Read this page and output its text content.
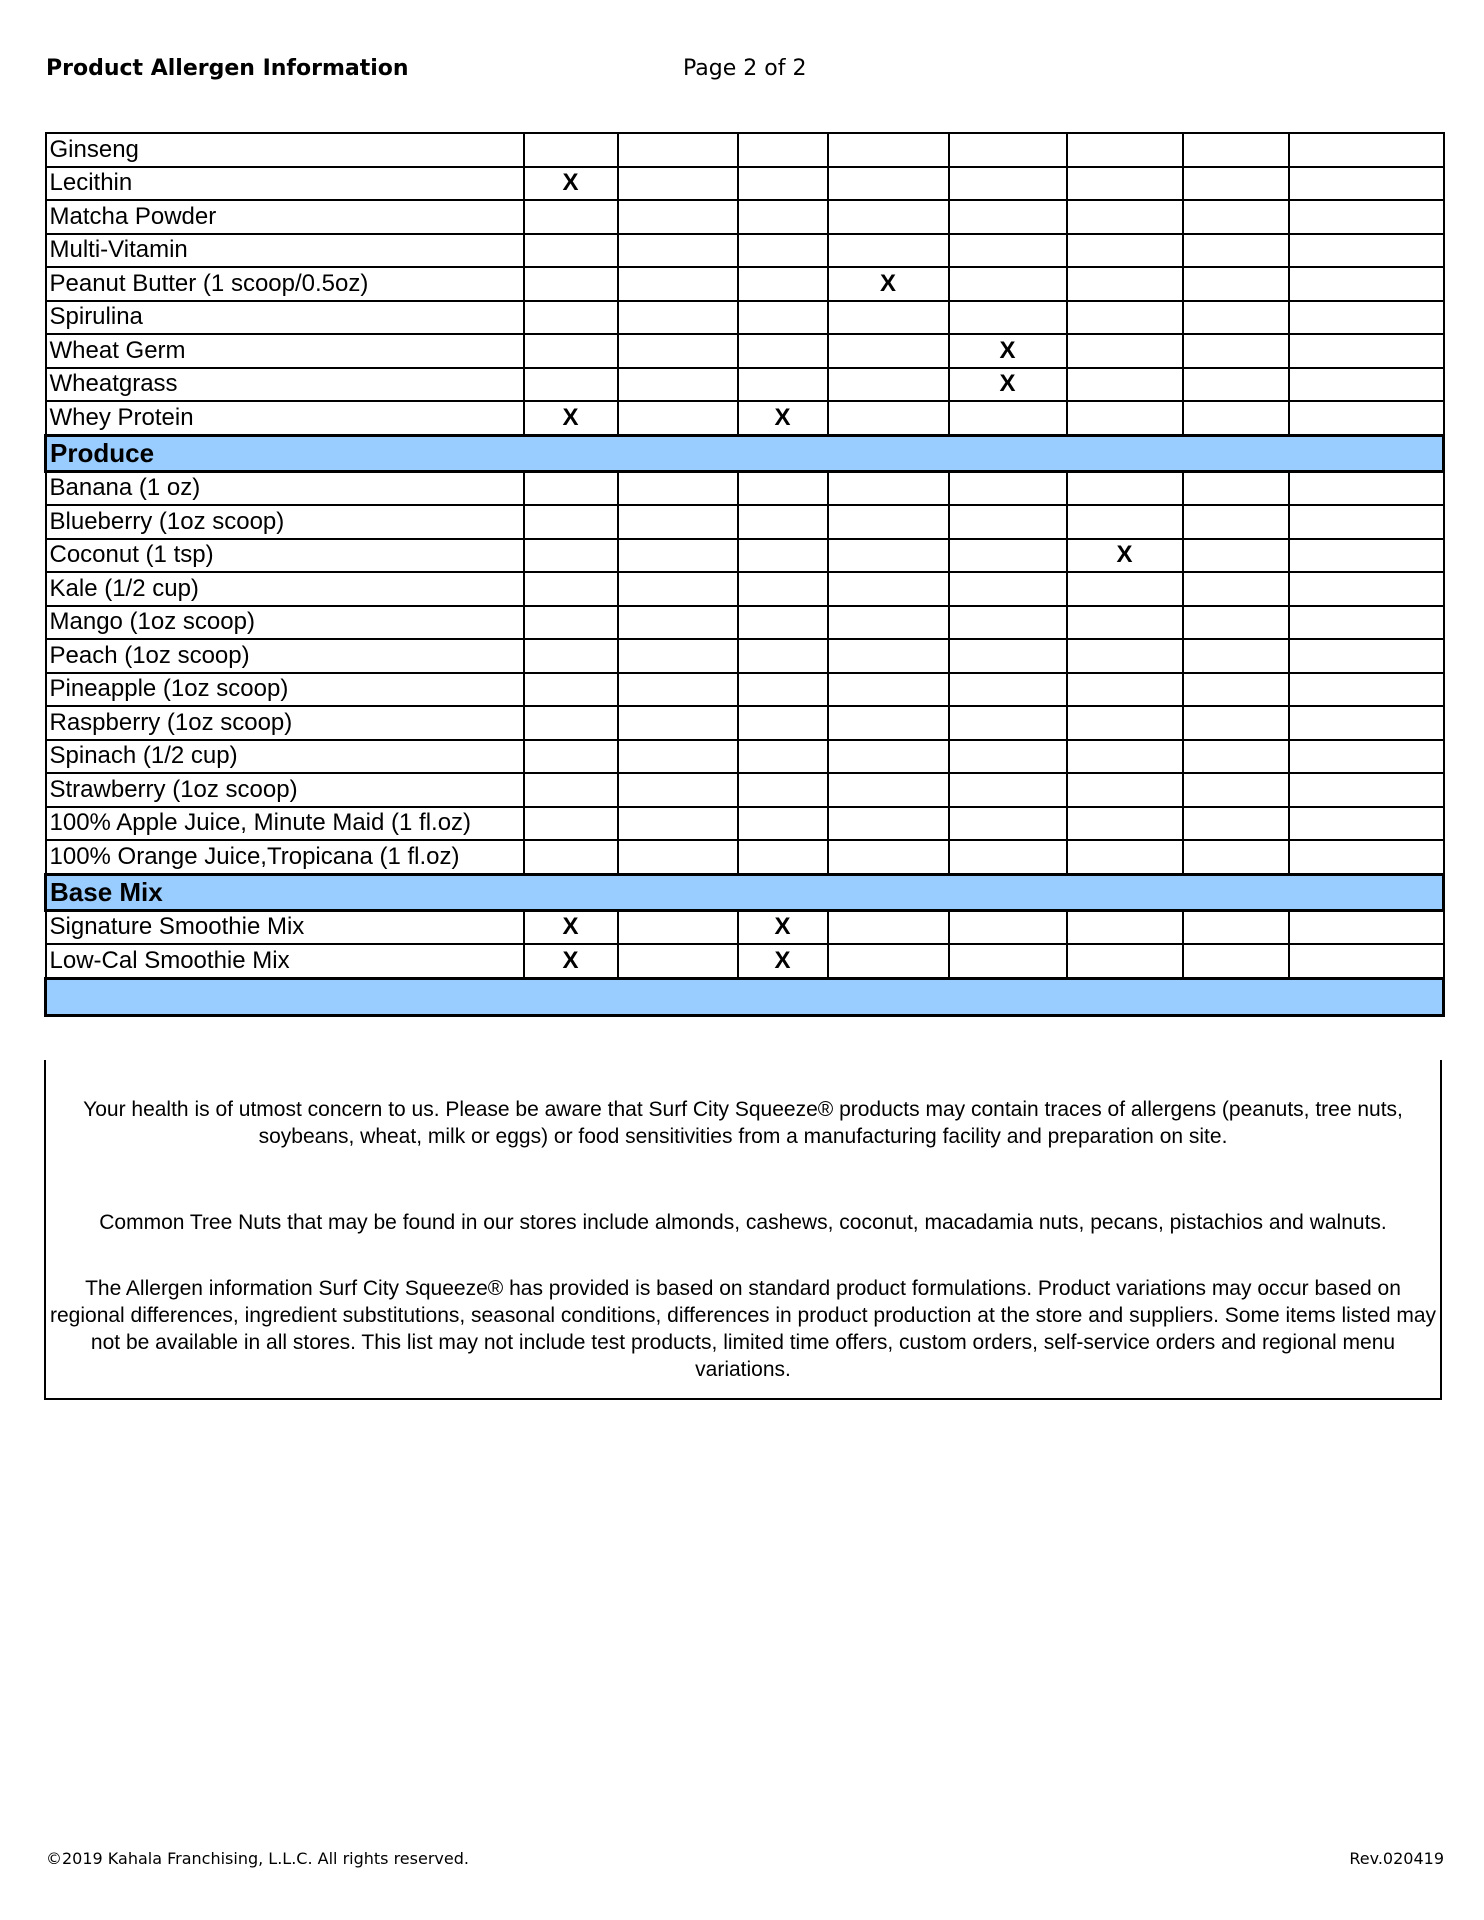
Product Allergen Information	Page 2 of 2
Ginseng								
Lecithin	X							
Matcha Powder								
Multi-Vitamin								
Peanut Butter (1 scoop/0.5oz)				X				
Spirulina								
Wheat Germ					X			
Wheatgrass					X			
Whey Protein	X		X					
Produce								
Banana (1 oz)								
Blueberry (1oz scoop)								
Coconut (1 tsp)						X		
Kale (1/2 cup)								
Mango (1oz scoop)								
Peach (1oz scoop)								
Pineapple (1oz scoop)								
Raspberry (1oz scoop)								
Spinach (1/2 cup)								
Strawberry (1oz scoop)								
100% Apple Juice, Minute Maid (1 fl.oz)								
100% Orange Juice,Tropicana (1 fl.oz)								
Base Mix								
Signature Smoothie Mix	X		X					
Low-Cal Smoothie Mix	X		X					

Your health is of utmost concern to us. Please be aware that Surf City Squeeze® products may contain traces of allergens (peanuts, tree nuts, soybeans, wheat, milk or eggs) or food sensitivities from a manufacturing facility and preparation on site.

Common Tree Nuts that may be found in our stores include almonds, cashews, coconut, macadamia nuts, pecans, pistachios and walnuts.

The Allergen information Surf City Squeeze® has provided is based on standard product formulations. Product variations may occur based on regional differences, ingredient substitutions, seasonal conditions, differences in product production at the store and suppliers. Some items listed may not be available in all stores. This list may not include test products, limited time offers, custom orders, self-service orders and regional menu variations.

©2019 Kahala Franchising, L.L.C. All rights reserved.	Rev.020419
